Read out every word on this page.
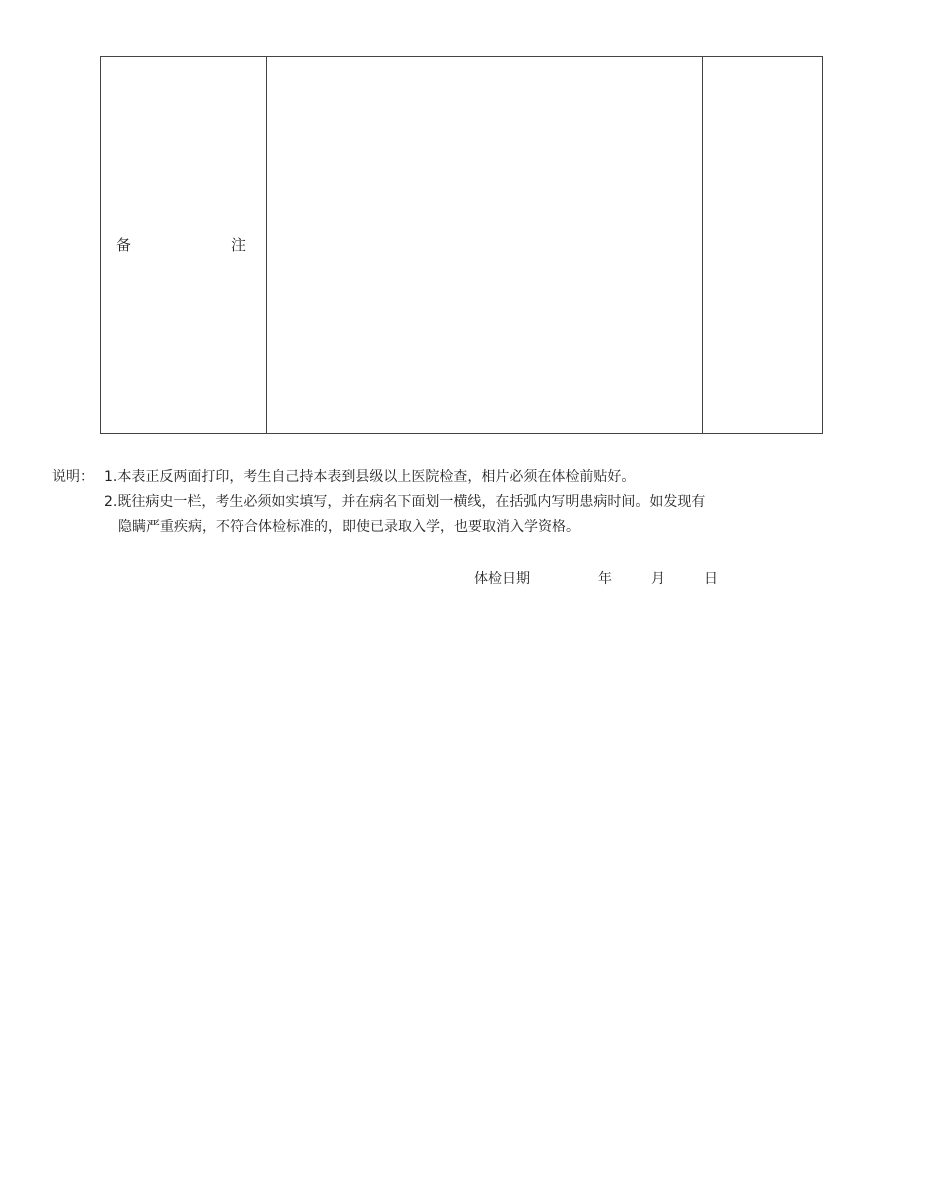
备	注
说明： 1.本表正反两面打印，考生自己持本表到县级以上医院检查，相片必须在体检前贴好。
2.既往病史一栏，考生必须如实填写，并在病名下面划一横线，在括弧内写明患病时间。如发现有
隐瞒严重疾病，不符合体检标准的，即使已录取入学，也要取消入学资格。
体检日期	年	月	日
